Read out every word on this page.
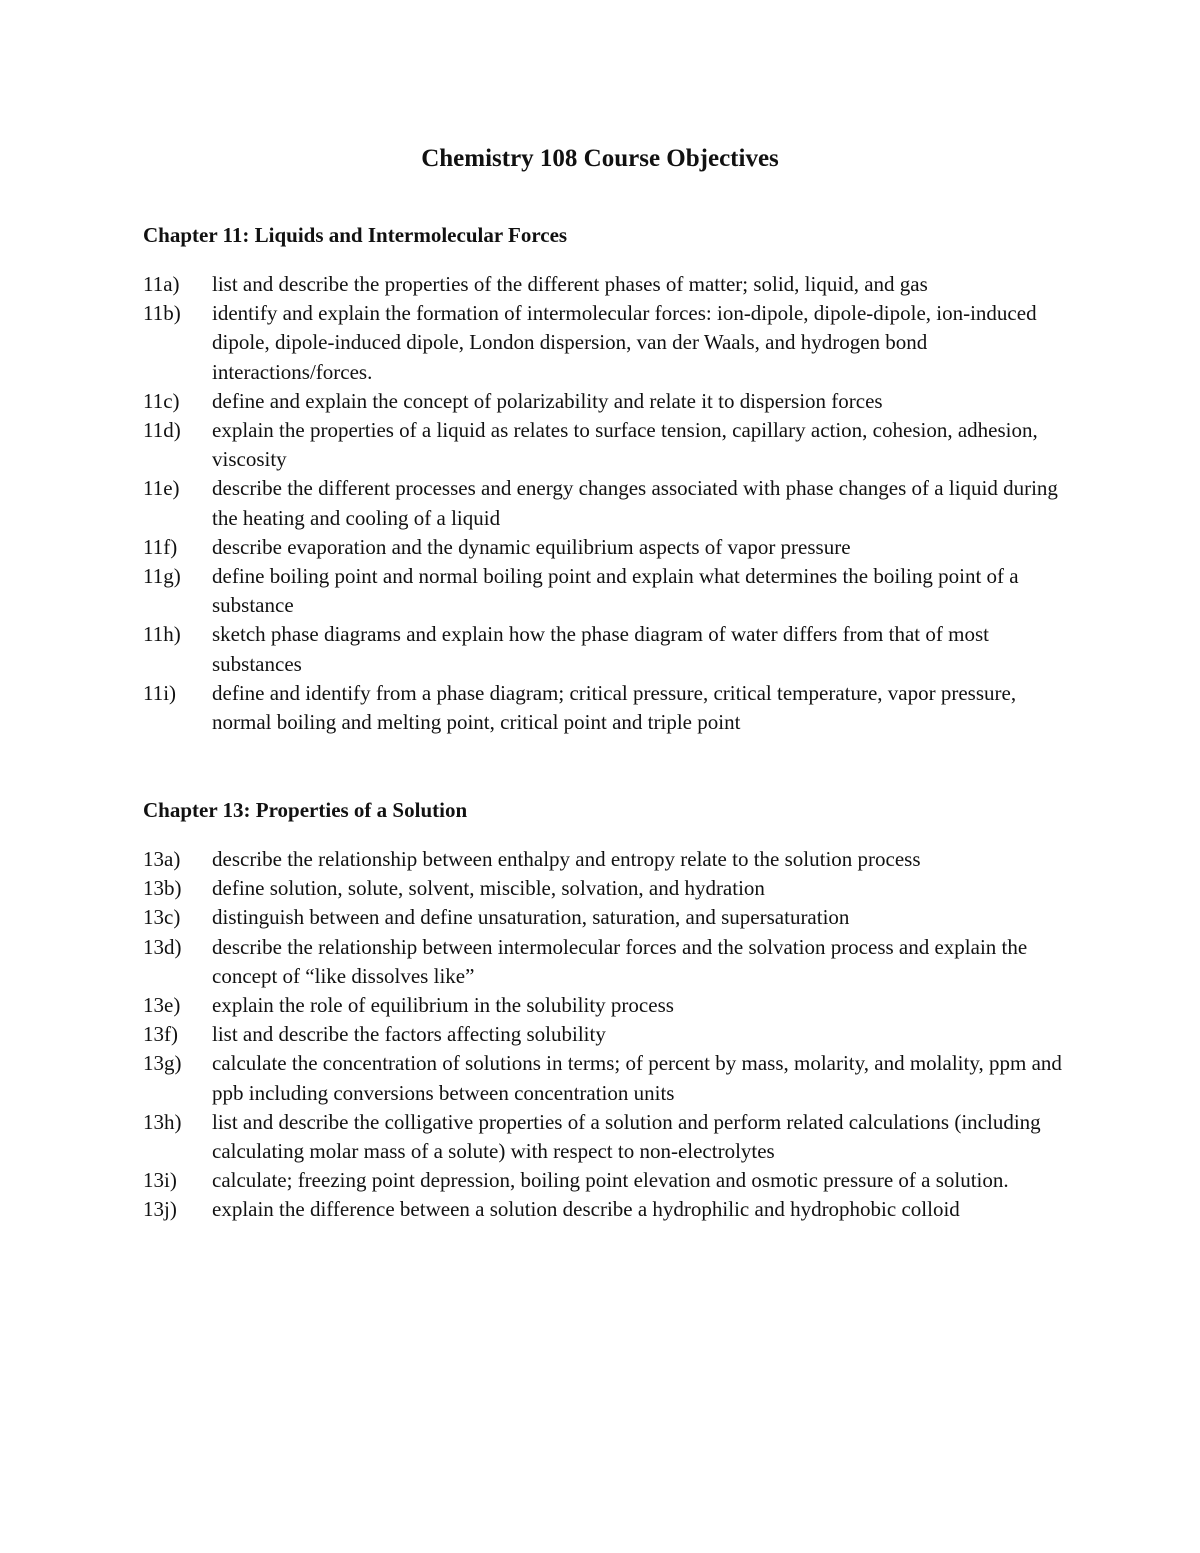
Chemistry 108 Course Objectives
Chapter 11: Liquids and Intermolecular Forces
11a)	list and describe the properties of the different phases of matter; solid, liquid, and gas
11b)	identify and explain the formation of intermolecular forces: ion-dipole, dipole-dipole, ion-induced dipole, dipole-induced dipole, London dispersion, van der Waals, and hydrogen bond interactions/forces.
11c)	define and explain the concept of polarizability and relate it to dispersion forces
11d)	explain the properties of a liquid as relates to surface tension, capillary action, cohesion, adhesion, viscosity
11e)	describe the different processes and energy changes associated with phase changes of a liquid during the heating and cooling of a liquid
11f)	describe evaporation and the dynamic equilibrium aspects of vapor pressure
11g)	define boiling point and normal boiling point and explain what determines the boiling point of a substance
11h)	sketch phase diagrams and explain how the phase diagram of water differs from that of most substances
11i)	define and identify from a phase diagram; critical pressure, critical temperature, vapor pressure, normal boiling and melting point, critical point and triple point
Chapter 13: Properties of a Solution
13a)	describe the relationship between enthalpy and entropy relate to the solution process
13b)	define solution, solute, solvent, miscible, solvation, and hydration
13c)	distinguish between and define unsaturation, saturation, and supersaturation
13d)	describe the relationship between intermolecular forces and the solvation process and explain the concept of “like dissolves like”
13e)	explain the role of equilibrium in the solubility process
13f)	list and describe the factors affecting solubility
13g)	calculate the concentration of solutions in terms; of percent by mass, molarity, and molality, ppm and ppb including conversions between concentration units
13h)	list and describe the colligative properties of a solution and perform related calculations (including calculating molar mass of a solute) with respect to non-electrolytes
13i)	calculate; freezing point depression, boiling point elevation and osmotic pressure of a solution.
13j)	explain the difference between a solution describe a hydrophilic and hydrophobic colloid
